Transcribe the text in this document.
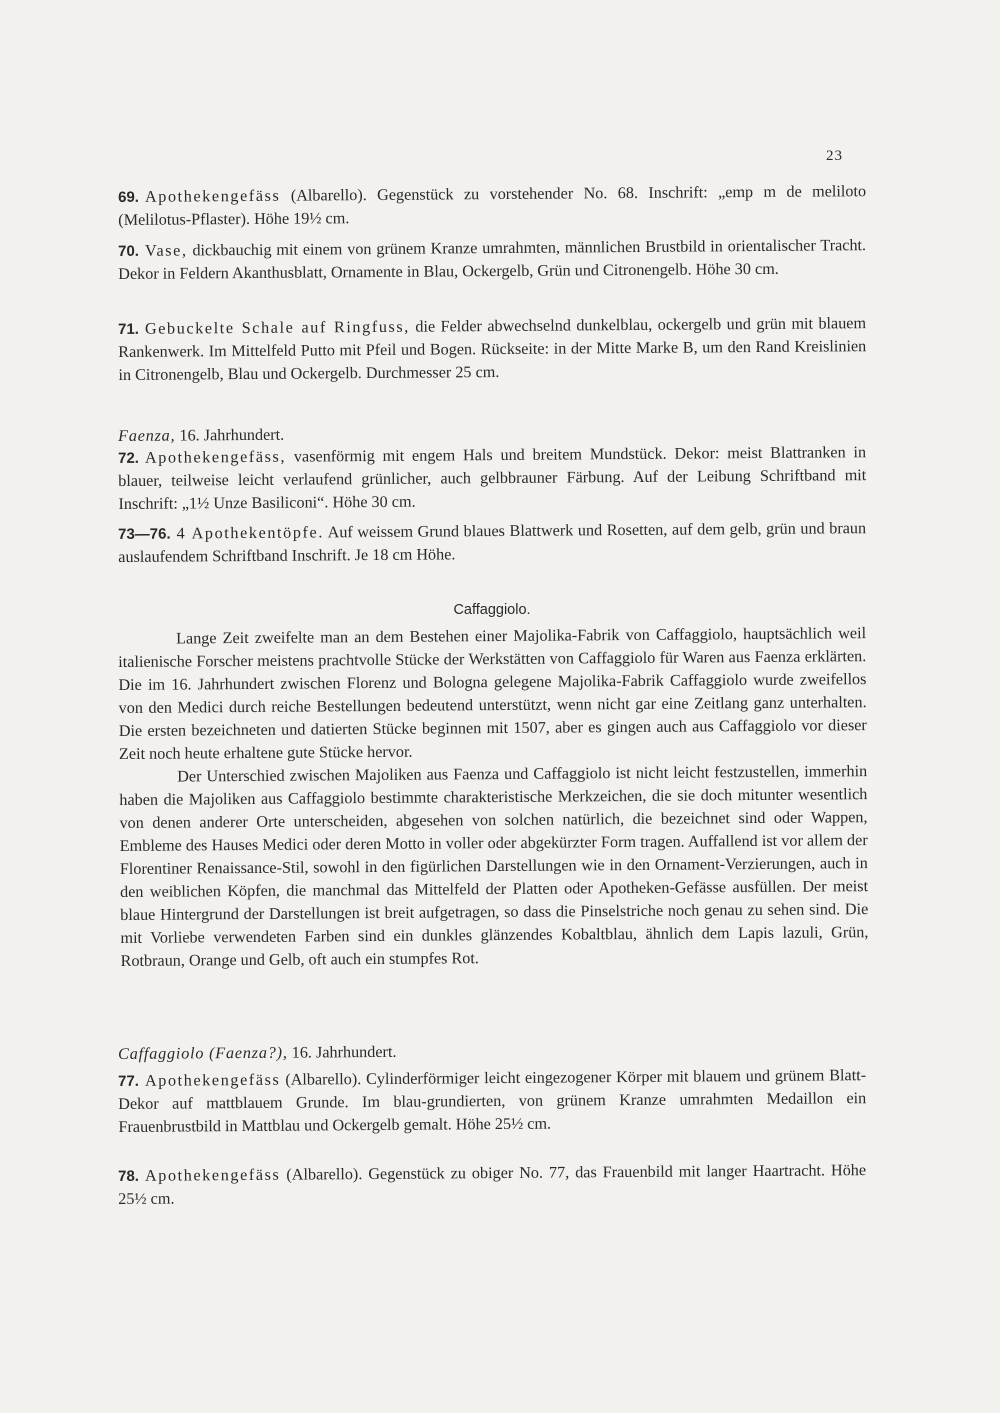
23
69. Apothekengefäss (Albarello). Gegenstück zu vorstehender No. 68. Inschrift: „emp m de meliloto (Melilotus-Pflaster). Höhe 19½ cm.
70. Vase, dickbauchig mit einem von grünem Kranze umrahmten, männlichen Brustbild in orientalischer Tracht. Dekor in Feldern Akanthusblatt, Ornamente in Blau, Ockergelb, Grün und Citronengelb. Höhe 30 cm.
71. Gebuckelte Schale auf Ringfuss, die Felder abwechselnd dunkelblau, ockergelb und grün mit blauem Rankenwerk. Im Mittelfeld Putto mit Pfeil und Bogen. Rückseite: in der Mitte Marke B, um den Rand Kreislinien in Citronengelb, Blau und Ockergelb. Durchmesser 25 cm.
Faenza, 16. Jahrhundert.
72. Apothekengefäss, vasenförmig mit engem Hals und breitem Mundstück. Dekor: meist Blattranken in blauer, teilweise leicht verlaufend grünlicher, auch gelbbrauner Färbung. Auf der Leibung Schriftband mit Inschrift: „1½ Unze Basiliconi“. Höhe 30 cm.
73—76. 4 Apothekentöpfe. Auf weissem Grund blaues Blattwerk und Rosetten, auf dem gelb, grün und braun auslaufendem Schriftband Inschrift. Je 18 cm Höhe.
Caffaggiolo.

Lange Zeit zweifelte man an dem Bestehen einer Majolika-Fabrik von Caffaggiolo, hauptsächlich weil italienische Forscher meistens prachtvolle Stücke der Werkstätten von Caffaggiolo für Waren aus Faenza erklärten. Die im 16. Jahrhundert zwischen Florenz und Bologna gelegene Majolika-Fabrik Caffaggiolo wurde zweifellos von den Medici durch reiche Bestellungen bedeutend unterstützt, wenn nicht gar eine Zeitlang ganz unterhalten. Die ersten bezeichneten und datierten Stücke beginnen mit 1507, aber es gingen auch aus Caffaggiolo vor dieser Zeit noch heute erhaltene gute Stücke hervor.

Der Unterschied zwischen Majoliken aus Faenza und Caffaggiolo ist nicht leicht festzustellen, immerhin haben die Majoliken aus Caffaggiolo bestimmte charakteristische Merkzeichen, die sie doch mitunter wesentlich von denen anderer Orte unterscheiden, abgesehen von solchen natürlich, die bezeichnet sind oder Wappen, Embleme des Hauses Medici oder deren Motto in voller oder abgekürzter Form tragen. Auffallend ist vor allem der Florentiner Renaissance-Stil, sowohl in den figürlichen Darstellungen wie in den Ornament-Verzierungen, auch in den weiblichen Köpfen, die manchmal das Mittelfeld der Platten oder Apotheken-Gefässe ausfüllen. Der meist blaue Hintergrund der Darstellungen ist breit aufgetragen, so dass die Pinselstriche noch genau zu sehen sind. Die mit Vorliebe verwendeten Farben sind ein dunkles glänzendes Kobaltblau, ähnlich dem Lapis lazuli, Grün, Rotbraun, Orange und Gelb, oft auch ein stumpfes Rot.

Caffaggiolo (Faenza?), 16. Jahrhundert.
77. Apothekengefäss (Albarello). Cylinderförmiger leicht eingezogener Körper mit blauem und grünem Blatt-Dekor auf mattblauem Grunde. Im blau-grundierten, von grünem Kranze umrahmten Medaillon ein Frauenbrustbild in Mattblau und Ockergelb gemalt. Höhe 25½ cm.
78. Apothekengefäss (Albarello). Gegenstück zu obiger No. 77, das Frauenbild mit langer Haartracht. Höhe 25½ cm.
